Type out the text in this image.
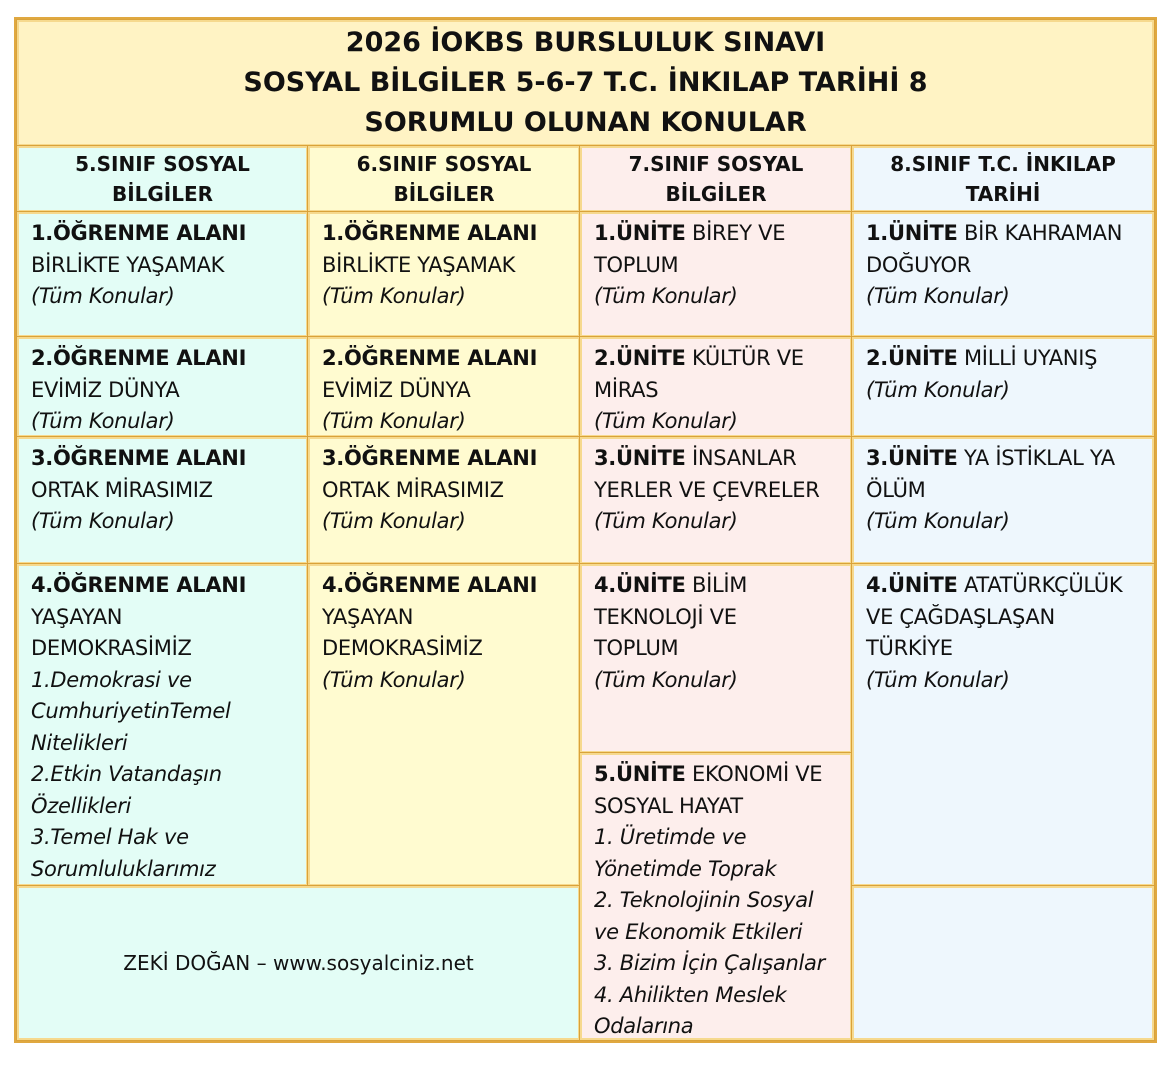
2026 İOKBS BURSLULUK SINAVI
SOSYAL BİLGİLER 5-6-7 T.C. İNKILAP TARİHİ 8
SORUMLU OLUNAN KONULAR
5.SINIF SOSYAL
BİLGİLER
6.SINIF SOSYAL
BİLGİLER
7.SINIF SOSYAL
BİLGİLER
8.SINIF T.C. İNKILAP
TARİHİ
1.ÖĞRENME ALANI
BİRLİKTE YAŞAMAK
(Tüm Konular)
2.ÖĞRENME ALANI
EVİMİZ DÜNYA
(Tüm Konular)
3.ÖĞRENME ALANI
ORTAK MİRASIMIZ
(Tüm Konular)
4.ÖĞRENME ALANI
YAŞAYAN
DEMOKRASİMİZ
1.Demokrasi ve
CumhuriyetinTemel
Nitelikleri
2.Etkin Vatandaşın
Özellikleri
3.Temel Hak ve
Sorumluluklarımız
1.ÖĞRENME ALANI
BİRLİKTE YAŞAMAK
(Tüm Konular)
2.ÖĞRENME ALANI
EVİMİZ DÜNYA
(Tüm Konular)
3.ÖĞRENME ALANI
ORTAK MİRASIMIZ
(Tüm Konular)
4.ÖĞRENME ALANI
YAŞAYAN
DEMOKRASİMİZ
(Tüm Konular)
ZEKİ DOĞAN – www.sosyalciniz.net
1.ÜNİTE BİREY VE
TOPLUM
(Tüm Konular)
2.ÜNİTE KÜLTÜR VE
MİRAS
(Tüm Konular)
3.ÜNİTE İNSANLAR
YERLER VE ÇEVRELER
(Tüm Konular)
4.ÜNİTE BİLİM
TEKNOLOJİ VE
TOPLUM
(Tüm Konular)
5.ÜNİTE EKONOMİ VE
SOSYAL HAYAT
1. Üretimde ve
Yönetimde Toprak
2. Teknolojinin Sosyal
ve Ekonomik Etkileri
3. Bizim İçin Çalışanlar
4. Ahilikten Meslek
Odalarına
1.ÜNİTE BİR KAHRAMAN
DOĞUYOR
(Tüm Konular)
2.ÜNİTE MİLLİ UYANIŞ
(Tüm Konular)
3.ÜNİTE YA İSTİKLAL YA
ÖLÜM
(Tüm Konular)
4.ÜNİTE ATATÜRKÇÜLÜK
VE ÇAĞDAŞLAŞAN
TÜRKİYE
(Tüm Konular)
